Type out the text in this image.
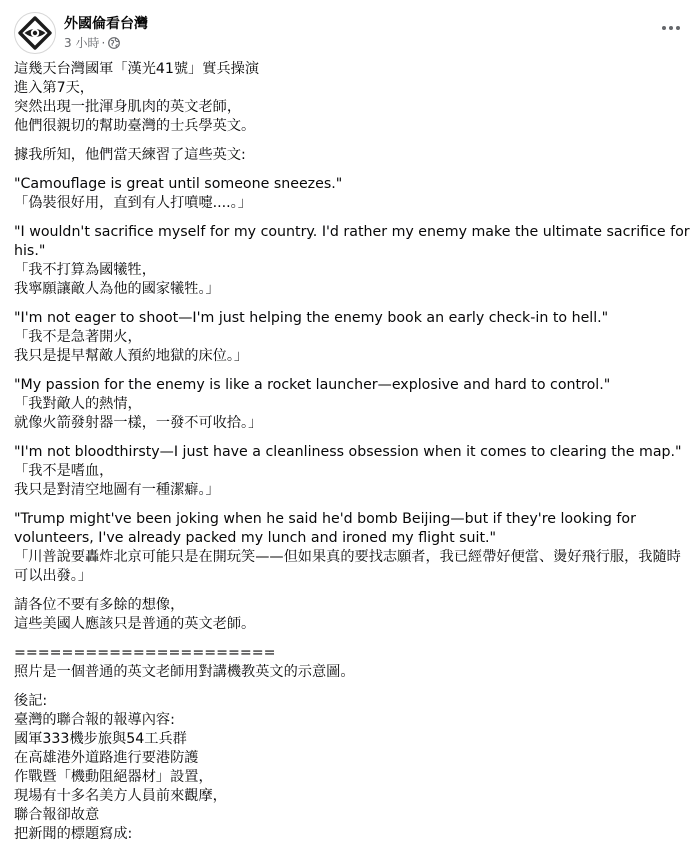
外國倫看台灣
3 小時 ·
這幾天台灣國軍「漢光41號」實兵操演
進入第7天，
突然出現一批渾身肌肉的英文老師，
他們很親切的幫助臺灣的士兵學英文。
據我所知，他們當天練習了這些英文:
"Camouflage is great until someone sneezes."
「偽裝很好用，直到有人打噴嚏....。」
"I wouldn't sacrifice myself for my country. I'd rather my enemy make the ultimate sacrifice for his."
「我不打算為國犧牲，
我寧願讓敵人為他的國家犧牲。」
"I'm not eager to shoot—I'm just helping the enemy book an early check-in to hell."
「我不是急著開火，
我只是提早幫敵人預約地獄的床位。」
"My passion for the enemy is like a rocket launcher—explosive and hard to control."
「我對敵人的熱情，
就像火箭發射器一樣，一發不可收拾。」
"I'm not bloodthirsty—I just have a cleanliness obsession when it comes to clearing the map."
「我不是嗜血，
我只是對清空地圖有一種潔癖。」
"Trump might've been joking when he said he'd bomb Beijing—but if they're looking for volunteers, I've already packed my lunch and ironed my flight suit."
「川普說要轟炸北京可能只是在開玩笑——但如果真的要找志願者，我已經帶好便當、燙好飛行服，我隨時可以出發。」
請各位不要有多餘的想像，
這些美國人應該只是普通的英文老師。
======================
照片是一個普通的英文老師用對講機教英文的示意圖。
後記:
臺灣的聯合報的報導內容:
國軍333機步旅與54工兵群
在高雄港外道路進行要港防護
作戰暨「機動阻絕器材」設置，
現場有十多名美方人員前來觀摩，
聯合報卻故意
把新聞的標題寫成:
